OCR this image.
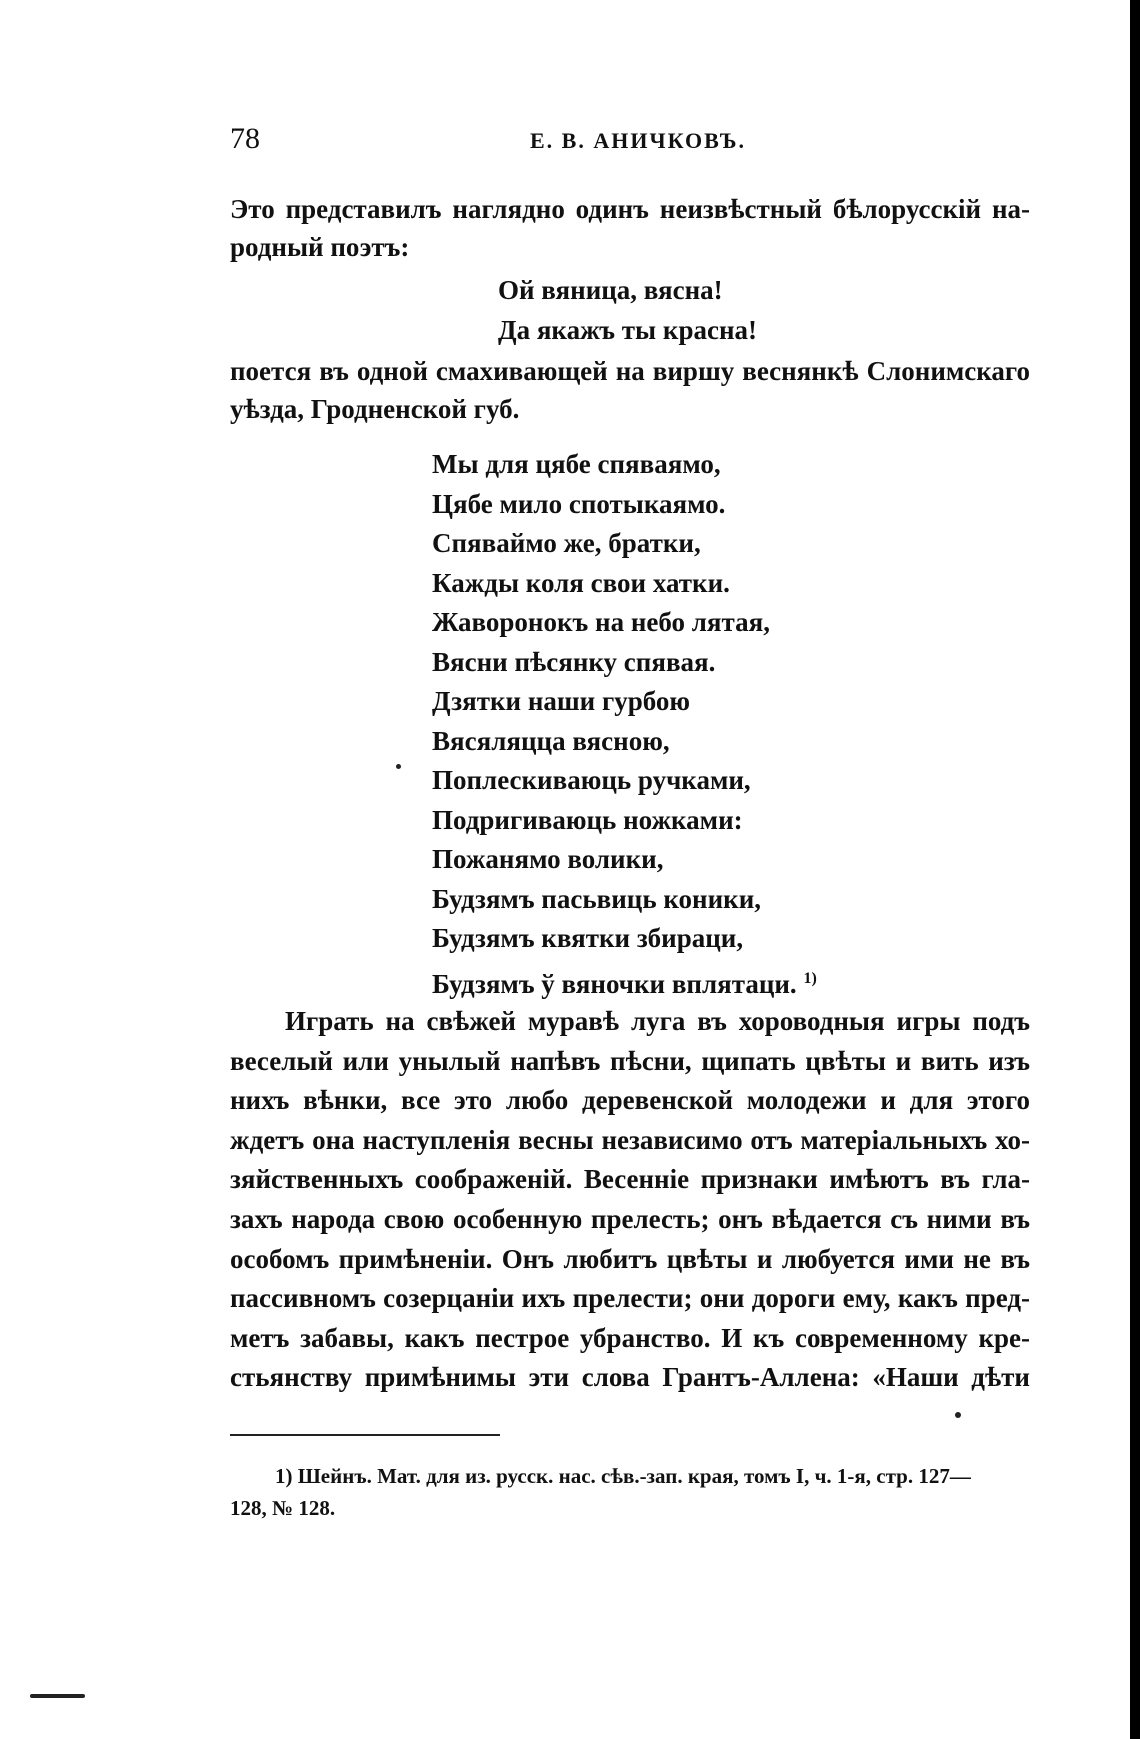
78	Е. В. АНИЧКОВЪ.
Это представилъ наглядно одинъ неизвѣстный бѣлорусскій на-
родный поэтъ:
Ой вяница, вясна!
Да якажъ ты красна!
поется въ одной смахивающей на виршу веснянкѣ Слонимскаго
уѣзда, Гродненской губ.
Мы для цябе спяваямо,
Цябе мило спотыкаямо.
Спяваймо же, братки,
Кажды коля свои хатки.
Жаворонокъ на небо лятая,
Вясни пѣсянку спявая.
Дзятки наши гурбою
Вясяляцца вясною,
Поплескиваюць ручками,
Подригиваюць ножками:
Пожанямо волики,
Будзямъ пасьвиць коники,
Будзямъ квятки збираци,
Будзямъ ў вяночки вплятаци. $^{1)}$
Играть на свѣжей муравѣ луга въ хороводныя игры подъ
веселый или унылый напѣвъ пѣсни, щипать цвѣты и вить изъ
нихъ вѣнки, все это любо деревенской молодежи и для этого
ждетъ она наступленія весны независимо отъ матеріальныхъ хо-
зяйственныхъ соображеній. Весенніе признаки имѣютъ въ гла-
захъ народа свою особенную прелесть; онъ вѣдается съ ними въ
особомъ примѣненіи. Онъ любитъ цвѣты и любуется ими не въ
пассивномъ созерцаніи ихъ прелести; они дороги ему, какъ пред-
метъ забавы, какъ пестрое убранство. И къ современному кре-
стьянству примѣнимы эти слова Грантъ-Аллена: «Наши дѣти
1) Шейнъ. Мат. для из. русск. нас. сѣв.-зап. края, томъ I, ч. 1-я, стр. 127—
128, № 128.
